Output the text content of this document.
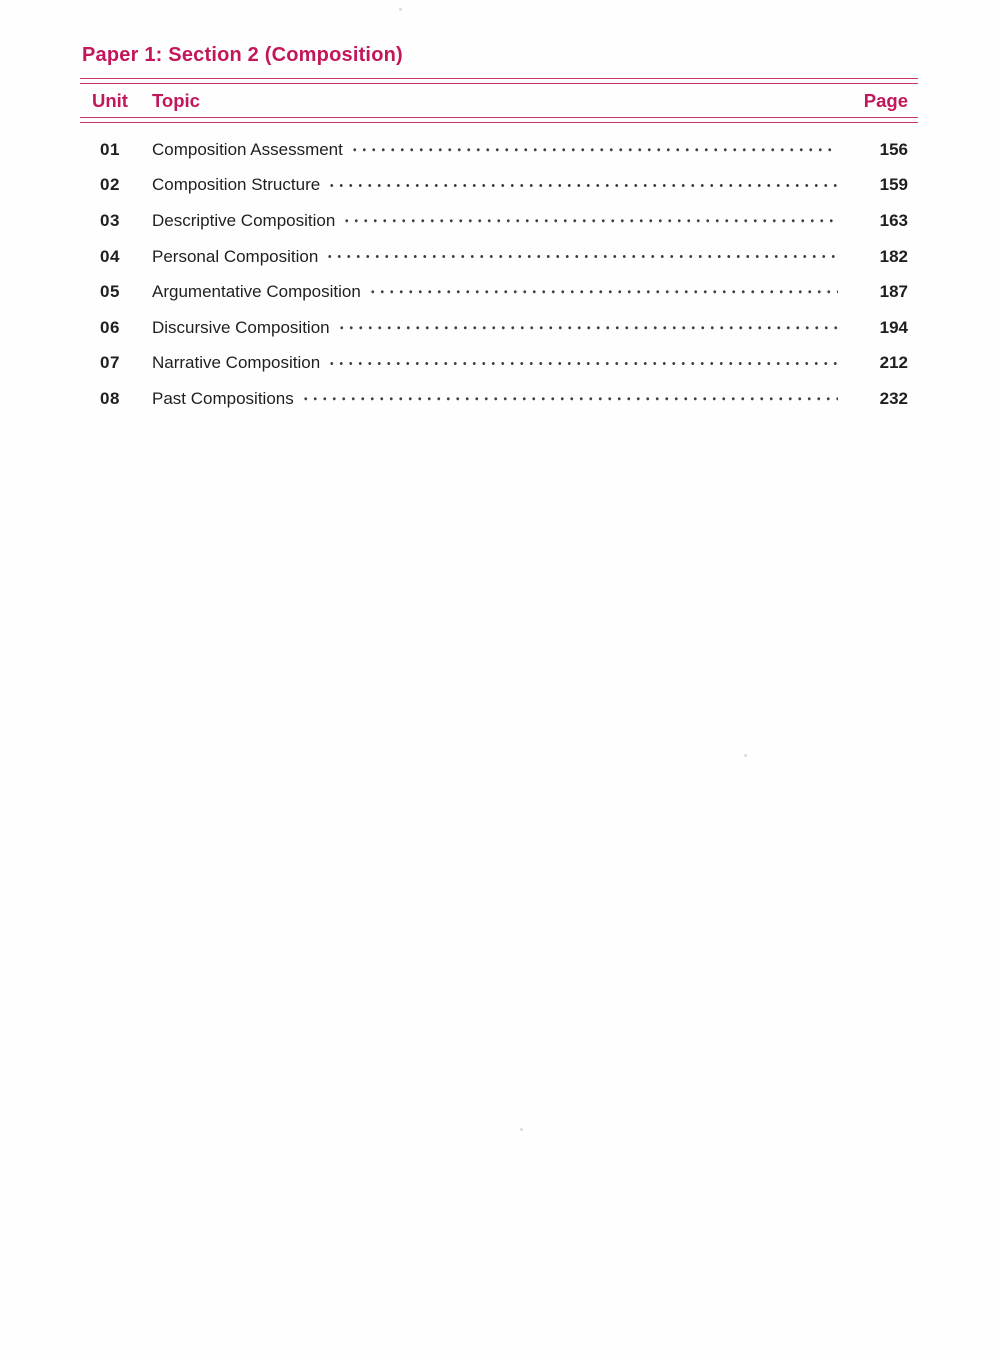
Paper 1: Section 2 (Composition)
Unit	Topic	Page
01	Composition Assessment	156
02	Composition Structure	159
03	Descriptive Composition	163
04	Personal Composition	182
05	Argumentative Composition	187
06	Discursive Composition	194
07	Narrative Composition	212
08	Past Compositions	232
